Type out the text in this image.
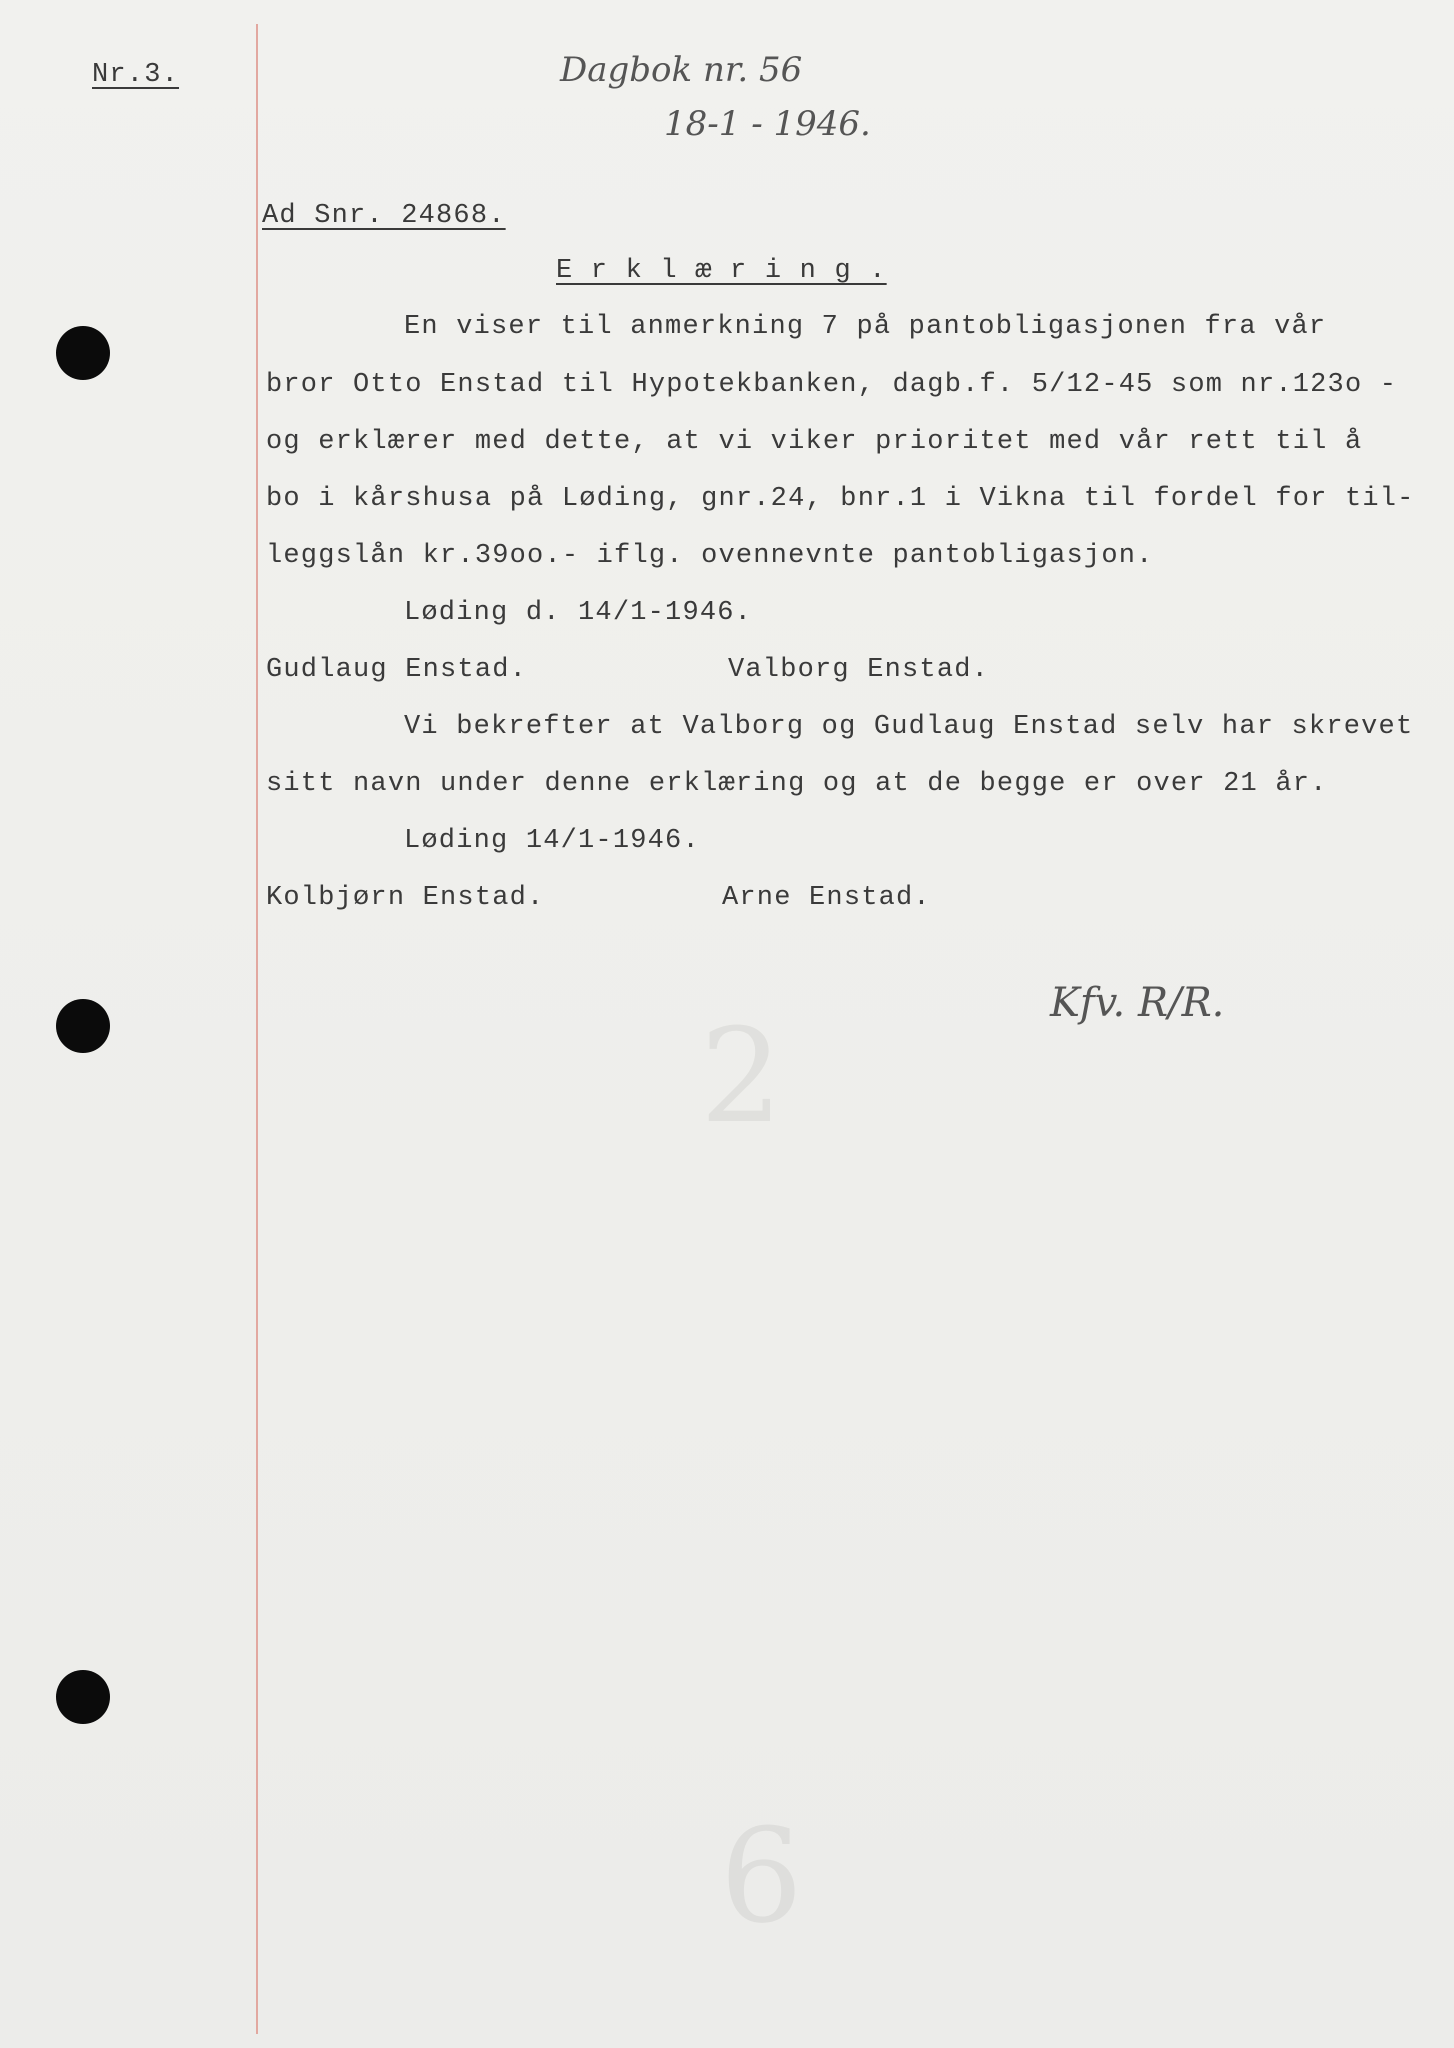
2
6
Nr.3.	Dagbok nr. 56
18-1 - 1946.
Ad Snr. 24868.
E r k l æ r i n g .
En viser til anmerkning 7 på pantobligasjonen fra vår
bror Otto Enstad til Hypotekbanken, dagb.f. 5/12-45 som nr.123o -
og erklærer med dette, at vi viker prioritet med vår rett til å
bo i kårshusa på Løding, gnr.24, bnr.1 i Vikna til fordel for til-
leggslån kr.39oo.- iflg. ovennevnte pantobligasjon.
Løding d. 14/1-1946.
Gudlaug Enstad.	Valborg Enstad.
Vi bekrefter at Valborg og Gudlaug Enstad selv har skrevet
sitt navn under denne erklæring og at de begge er over 21 år.
Løding 14/1-1946.
Kolbjørn Enstad.	Arne Enstad.
Kfv. R/R.
